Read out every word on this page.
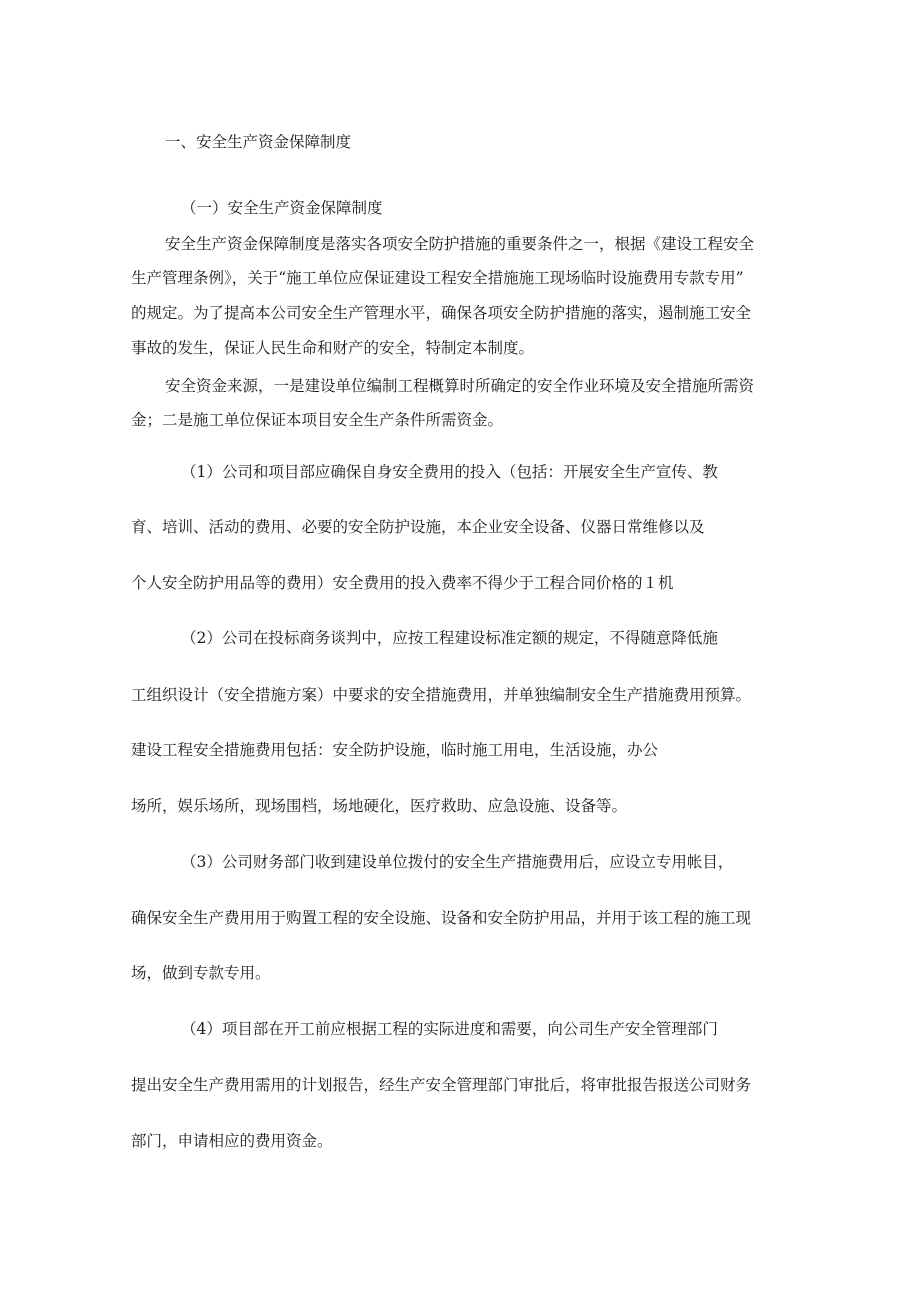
一、安全生产资金保障制度

（一）安全生产资金保障制度

安全生产资金保障制度是落实各项安全防护措施的重要条件之一，根据《建设工程安全

生产管理条例》，关于“施工单位应保证建设工程安全措施施工现场临时设施费用专款专用”

的规定。为了提高本公司安全生产管理水平，确保各项安全防护措施的落实，遏制施工安全

事故的发生，保证人民生命和财产的安全，特制定本制度。

安全资金来源，一是建设单位编制工程概算时所确定的安全作业环境及安全措施所需资

金；二是施工单位保证本项目安全生产条件所需资金。

（1）公司和项目部应确保自身安全费用的投入（包括：开展安全生产宣传、教

育、培训、活动的费用、必要的安全防护设施，本企业安全设备、仪器日常维修以及

个人安全防护用品等的费用）安全费用的投入费率不得少于工程合同价格的１机

（2）公司在投标商务谈判中，应按工程建设标准定额的规定，不得随意降低施

工组织设计（安全措施方案）中要求的安全措施费用，并单独编制安全生产措施费用预算。

建设工程安全措施费用包括：安全防护设施，临时施工用电，生活设施，办公

场所，娱乐场所，现场围档，场地硬化，医疗救助、应急设施、设备等。

（3）公司财务部门收到建设单位拨付的安全生产措施费用后，应设立专用帐目，

确保安全生产费用用于购置工程的安全设施、设备和安全防护用品，并用于该工程的施工现

场，做到专款专用。

（4）项目部在开工前应根据工程的实际进度和需要，向公司生产安全管理部门

提出安全生产费用需用的计划报告，经生产安全管理部门审批后，将审批报告报送公司财务

部门，申请相应的费用资金。
